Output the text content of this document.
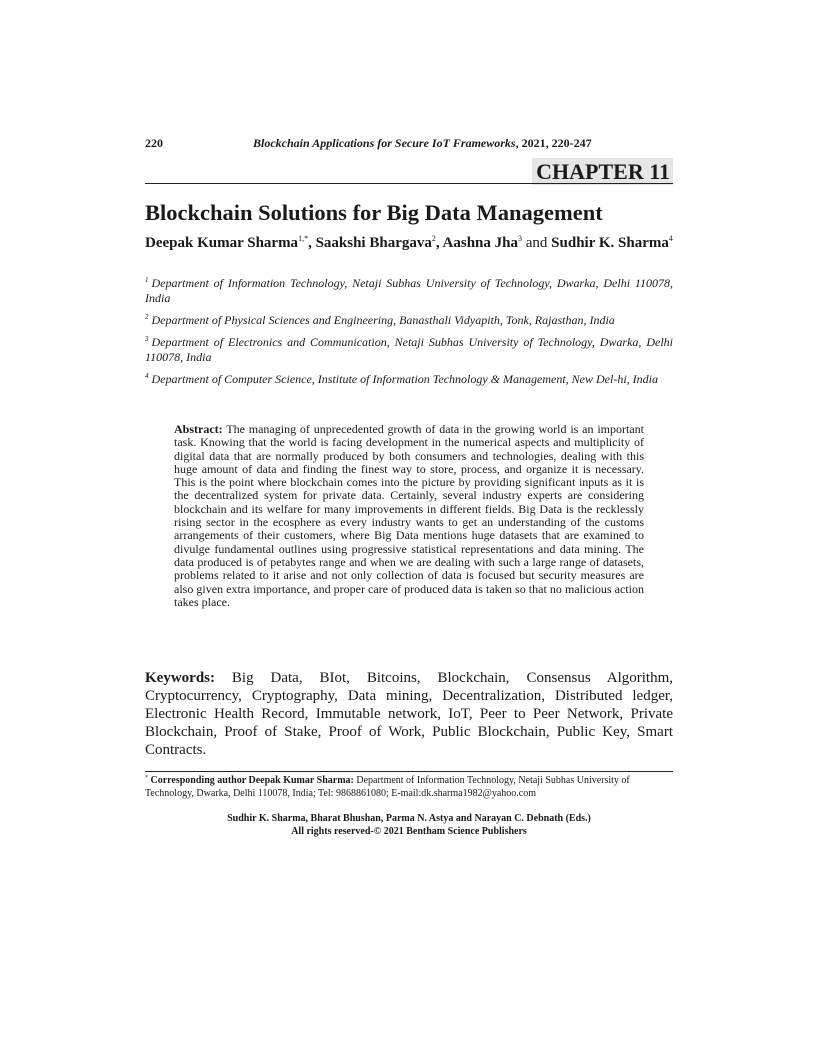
220	Blockchain Applications for Secure IoT Frameworks, 2021, 220-247
CHAPTER 11
Blockchain Solutions for Big Data Management

Deepak Kumar Sharma$^{1,*}$, Saakshi Bhargava$^2$, Aashna Jha$^3$ and Sudhir K. Sharma$^4$

$^1$ Department of Information Technology, Netaji Subhas University of Technology, Dwarka, Delhi 110078, India

$^2$ Department of Physical Sciences and Engineering, Banasthali Vidyapith, Tonk, Rajasthan, India

$^3$ Department of Electronics and Communication, Netaji Subhas University of Technology, Dwarka, Delhi 110078, India

$^4$ Department of Computer Science, Institute of Information Technology & Management, New Del-hi, India

Abstract: The managing of unprecedented growth of data in the growing world is an important task. Knowing that the world is facing development in the numerical aspects and multiplicity of digital data that are normally produced by both consumers and technologies, dealing with this huge amount of data and finding the finest way to store, process, and organize it is necessary. This is the point where blockchain comes into the picture by providing significant inputs as it is the decentralized system for private data. Certainly, several industry experts are considering blockchain and its welfare for many improvements in different fields. Big Data is the recklessly rising sector in the ecosphere as every industry wants to get an understanding of the customs arrangements of their customers, where Big Data mentions huge datasets that are examined to divulge fundamental outlines using progressive statistical representations and data mining. The data produced is of petabytes range and when we are dealing with such a large range of datasets, problems related to it arise and not only collection of data is focused but security measures are also given extra importance, and proper care of produced data is taken so that no malicious action takes place.

Keywords: Big Data, BIot, Bitcoins, Blockchain, Consensus Algorithm, Cryptocurrency, Cryptography, Data mining, Decentralization, Distributed ledger, Electronic Health Record, Immutable network, IoT, Peer to Peer Network, Private Blockchain, Proof of Stake, Proof of Work, Public Blockchain, Public Key, Smart Contracts.

* Corresponding author Deepak Kumar Sharma: Department of Information Technology, Netaji Subhas University of Technology, Dwarka, Delhi 110078, India; Tel: 9868861080; E-mail:dk.sharma1982@yahoo.com

Sudhir K. Sharma, Bharat Bhushan, Parma N. Astya and Narayan C. Debnath (Eds.)
All rights reserved-© 2021 Bentham Science Publishers
